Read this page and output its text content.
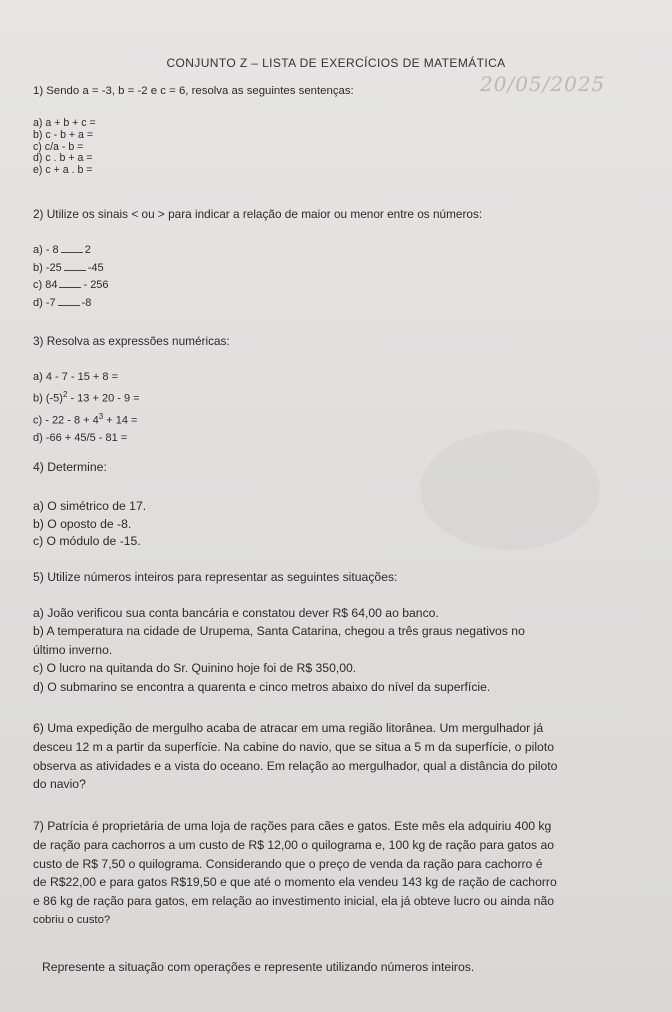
CONJUNTO Z – LISTA DE EXERCÍCIOS DE MATEMÁTICA
1) Sendo a = -3, b = -2 e c = 6, resolva as seguintes sentenças:	20/05/2025
a) a + b + c =
b) c - b + a =
c) c/a - b =
d) c . b + a =
e) c + a . b =
2) Utilize os sinais < ou > para indicar a relação de maior ou menor entre os números:
a) - 8 2
b) -25 -45
c) 84 - 256
d) -7 -8
3) Resolva as expressões numéricas:
a) 4 - 7 - 15 + 8 =
b) $(-5)^2 - 13 + 20 - 9$ =
$c) - 22 - 8 + 4^3 + 14$ =
d) -66 + 45/5 - 81 =
4) Determine:
a) O simétrico de 17.
b) O oposto de -8.
c) O módulo de -15.
5) Utilize números inteiros para representar as seguintes situações:
a) João verificou sua conta bancária e constatou dever R$ 64,00 ao banco.
b) A temperatura na cidade de Urupema, Santa Catarina, chegou a três graus negativos no
último inverno.
c) O lucro na quitanda do Sr. Quinino hoje foi de R$ 350,00.
d) O submarino se encontra a quarenta e cinco metros abaixo do nível da superfície.
6) Uma expedição de mergulho acaba de atracar em uma região litorânea. Um mergulhador já
desceu 12 m a partir da superfície. Na cabine do navio, que se situa a 5 m da superfície, o piloto
observa as atividades e a vista do oceano. Em relação ao mergulhador, qual a distância do piloto
do navio?
7) Patrícia é proprietária de uma loja de rações para cães e gatos. Este mês ela adquiriu 400 kg
de ração para cachorros a um custo de R$ 12,00 o quilograma e, 100 kg de ração para gatos ao
custo de R$ 7,50 o quilograma. Considerando que o preço de venda da ração para cachorro é
de R$22,00 e para gatos R$19,50 e que até o momento ela vendeu 143 kg de ração de cachorro
e 86 kg de ração para gatos, em relação ao investimento inicial, ela já obteve lucro ou ainda não
cobriu o custo?
Represente a situação com operações e represente utilizando números inteiros.
